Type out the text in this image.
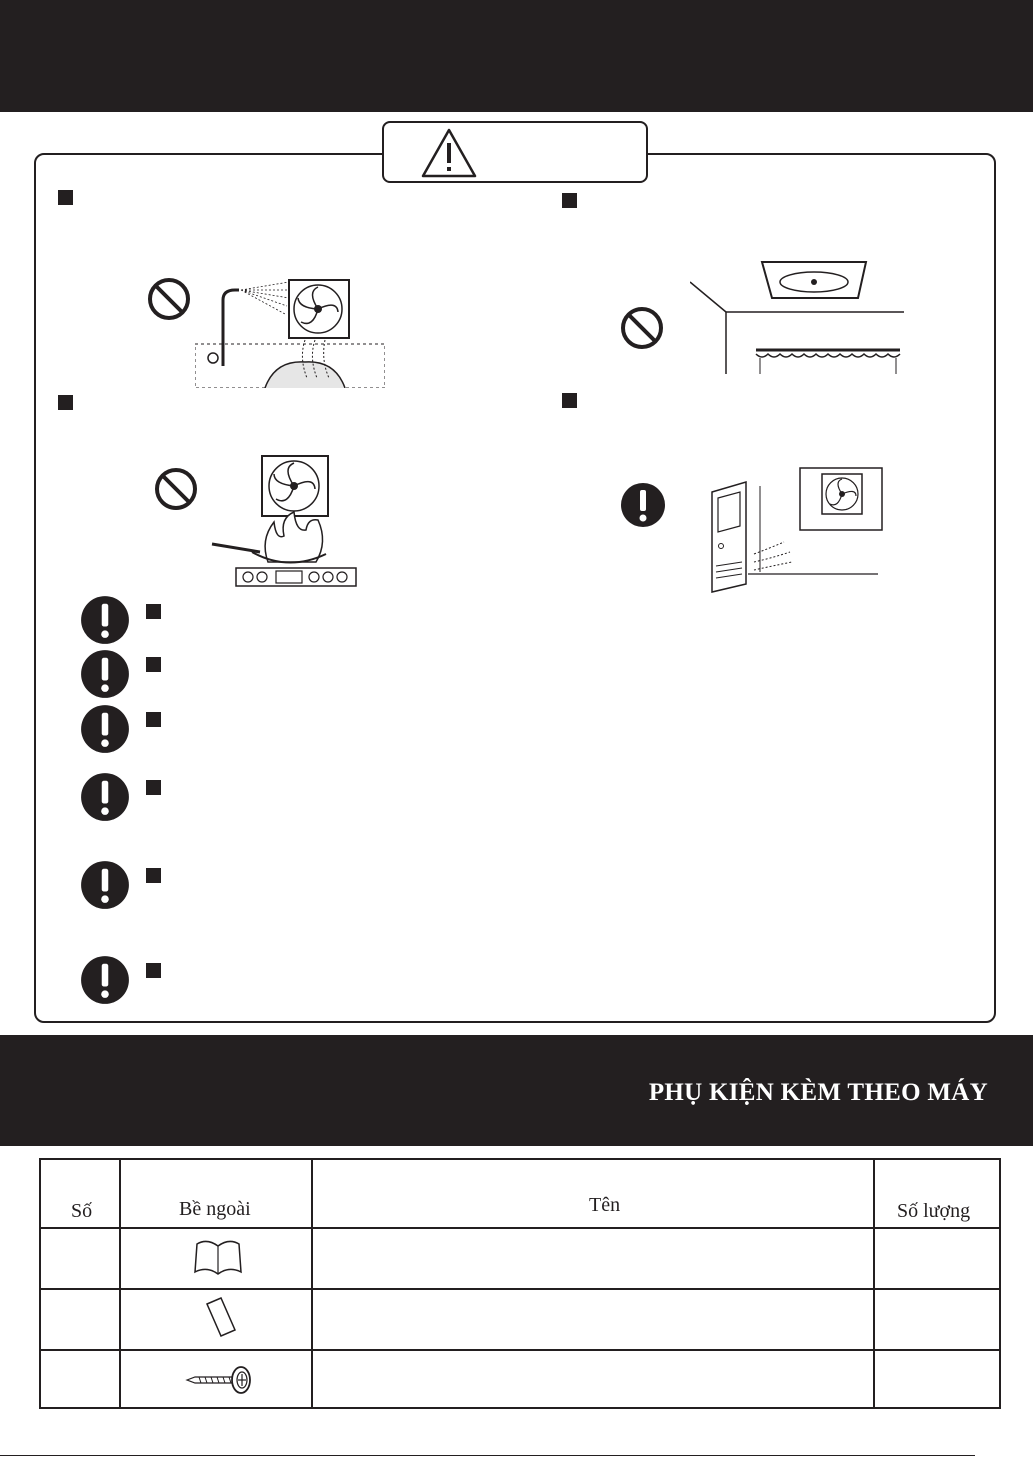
PHỤ KIỆN KÈM THEO MÁY
Số	Bề ngoài	Tên	Số lượng
